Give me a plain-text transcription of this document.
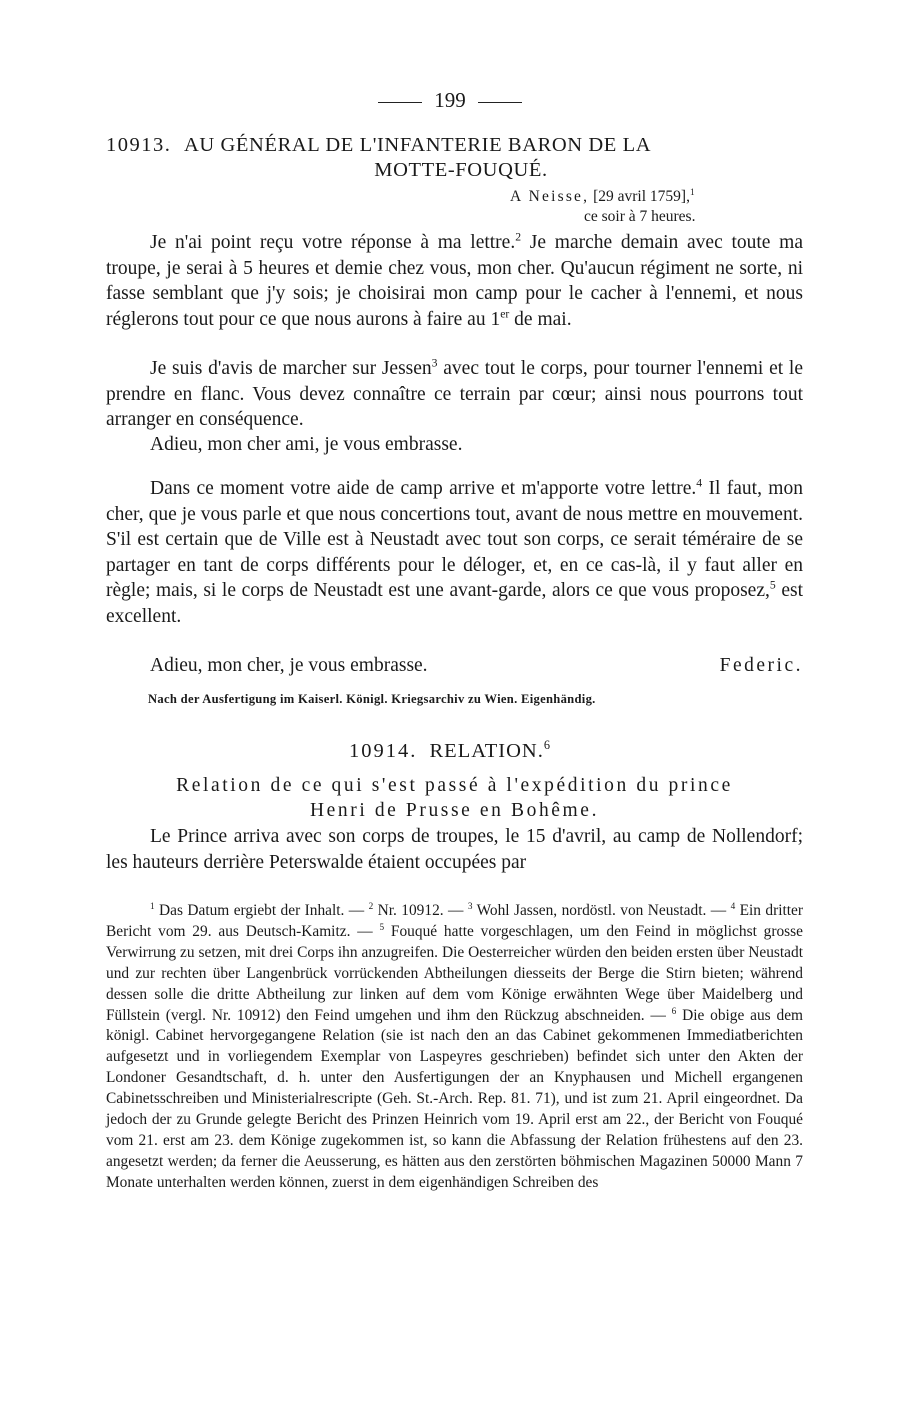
199
10913. AU GÉNÉRAL DE L'INFANTERIE BARON DE LA
MOTTE-FOUQUÉ.
A Neisse, [29 avril 1759],$^1$
ce soir à 7 heures.

Je n'ai point reçu votre réponse à ma lettre.$^2$ Je marche demain avec toute ma troupe, je serai à 5 heures et demie chez vous, mon cher. Qu'aucun régiment ne sorte, ni fasse semblant que j'y sois; je choisirai mon camp pour le cacher à l'ennemi, et nous réglerons tout pour ce que nous aurons à faire au 1er de mai.

Je suis d'avis de marcher sur Jessen$^3$ avec tout le corps, pour tourner l'ennemi et le prendre en flanc. Vous devez connaître ce terrain par cœur; ainsi nous pourrons tout arranger en conséquence.

Adieu, mon cher ami, je vous embrasse.

Dans ce moment votre aide de camp arrive et m'apporte votre lettre.$^4$ Il faut, mon cher, que je vous parle et que nous concertions tout, avant de nous mettre en mouvement. S'il est certain que de Ville est à Neustadt avec tout son corps, ce serait téméraire de se partager en tant de corps différents pour le déloger, et, en ce cas-là, il y faut aller en règle; mais, si le corps de Neustadt est une avant-garde, alors ce que vous proposez,$^5$ est excellent.

Adieu, mon cher, je vous embrasse.	Federic.

Nach der Ausfertigung im Kaiserl. Königl. Kriegsarchiv zu Wien. Eigenhändig.
10914. RELATION.$^6$
Relation de ce qui s'est passé à l'expédition du prince
Henri de Prusse en Bohême.

Le Prince arriva avec son corps de troupes, le 15 d'avril, au camp de Nollendorf; les hauteurs derrière Peterswalde étaient occupées par

$^1$ Das Datum ergiebt der Inhalt. — $^2$ Nr. 10912. — $^3$ Wohl Jassen, nordöstl. von Neustadt. — $^4$ Ein dritter Bericht vom 29. aus Deutsch-Kamitz. — $^5$ Fouqué hatte vorgeschlagen, um den Feind in möglichst grosse Verwirrung zu setzen, mit drei Corps ihn anzugreifen. Die Oesterreicher würden den beiden ersten über Neustadt und zur rechten über Langenbrück vorrückenden Abtheilungen diesseits der Berge die Stirn bieten; während dessen solle die dritte Abtheilung zur linken auf dem vom Könige erwähnten Wege über Maidelberg und Füllstein (vergl. Nr. 10912) den Feind umgehen und ihm den Rückzug abschneiden. — $^6$ Die obige aus dem königl. Cabinet hervorgegangene Relation (sie ist nach den an das Cabinet gekommenen Immediatberichten aufgesetzt und in vorliegendem Exemplar von Laspeyres geschrieben) befindet sich unter den Akten der Londoner Gesandtschaft, d. h. unter den Ausfertigungen der an Knyphausen und Michell ergangenen Cabinetsschreiben und Ministerialrescripte (Geh. St.-Arch. Rep. 81. 71), und ist zum 21. April eingeordnet. Da jedoch der zu Grunde gelegte Bericht des Prinzen Heinrich vom 19. April erst am 22., der Bericht von Fouqué vom 21. erst am 23. dem Könige zugekommen ist, so kann die Abfassung der Relation frühestens auf den 23. angesetzt werden; da ferner die Aeusserung, es hätten aus den zerstörten böhmischen Magazinen 50000 Mann 7 Monate unterhalten werden können, zuerst in dem eigenhändigen Schreiben des
